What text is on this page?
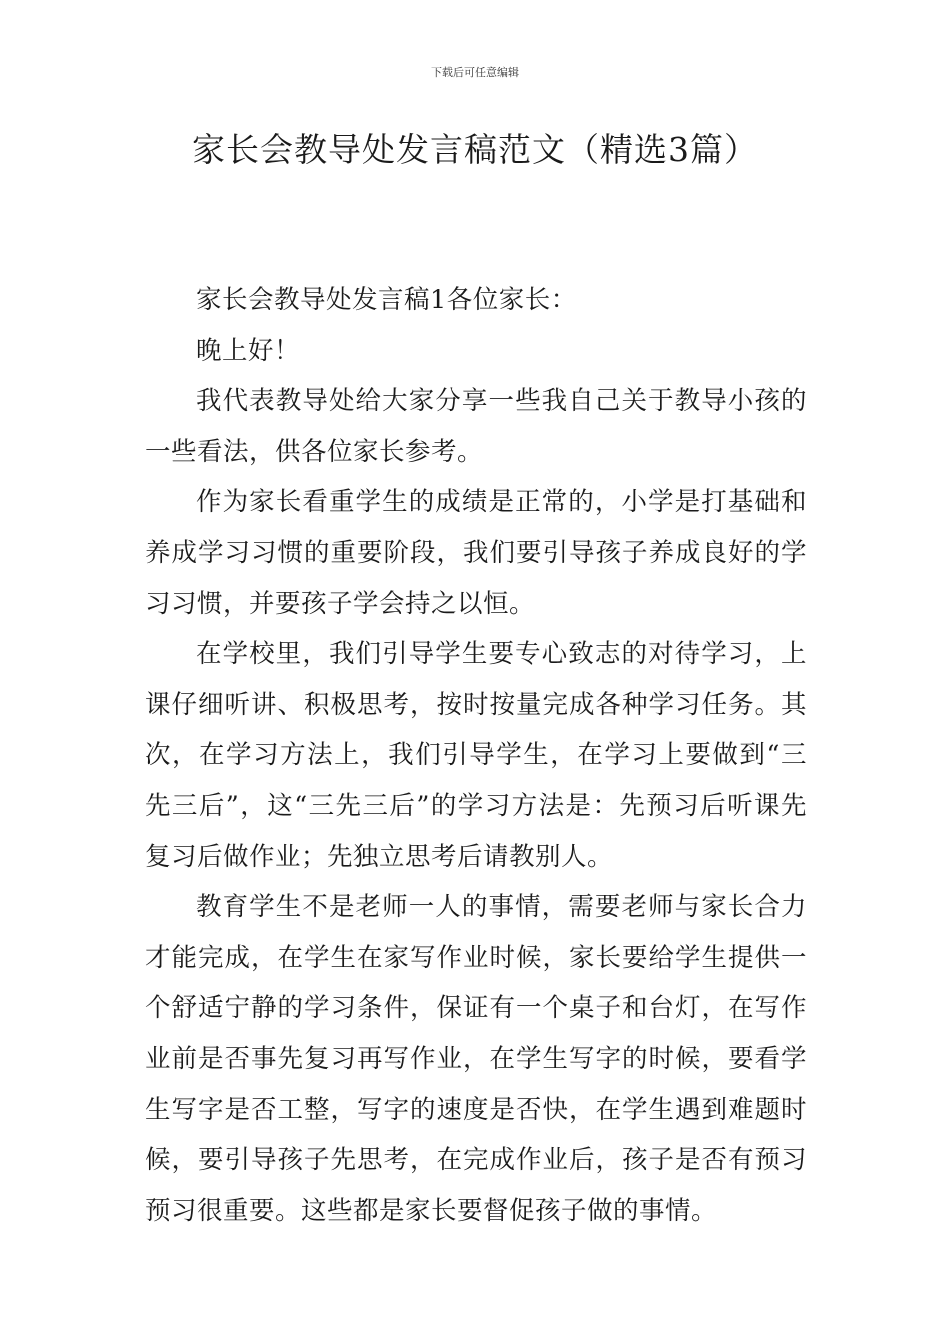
下载后可任意编辑
家长会教导处发言稿范文（精选3篇）

家长会教导处发言稿1各位家长：

晚上好！

我代表教导处给大家分享一些我自己关于教导小孩的一些看法，供各位家长参考。

作为家长看重学生的成绩是正常的，小学是打基础和养成学习习惯的重要阶段，我们要引导孩子养成良好的学习习惯，并要孩子学会持之以恒。

在学校里，我们引导学生要专心致志的对待学习，上课仔细听讲、积极思考，按时按量完成各种学习任务。其次，在学习方法上，我们引导学生，在学习上要做到“三先三后”，这“三先三后”的学习方法是：先预习后听课先复习后做作业；先独立思考后请教别人。

教育学生不是老师一人的事情，需要老师与家长合力才能完成，在学生在家写作业时候，家长要给学生提供一个舒适宁静的学习条件，保证有一个桌子和台灯，在写作业前是否事先复习再写作业，在学生写字的时候，要看学生写字是否工整，写字的速度是否快，在学生遇到难题时候，要引导孩子先思考，在完成作业后，孩子是否有预习预习很重要。这些都是家长要督促孩子做的事情。
